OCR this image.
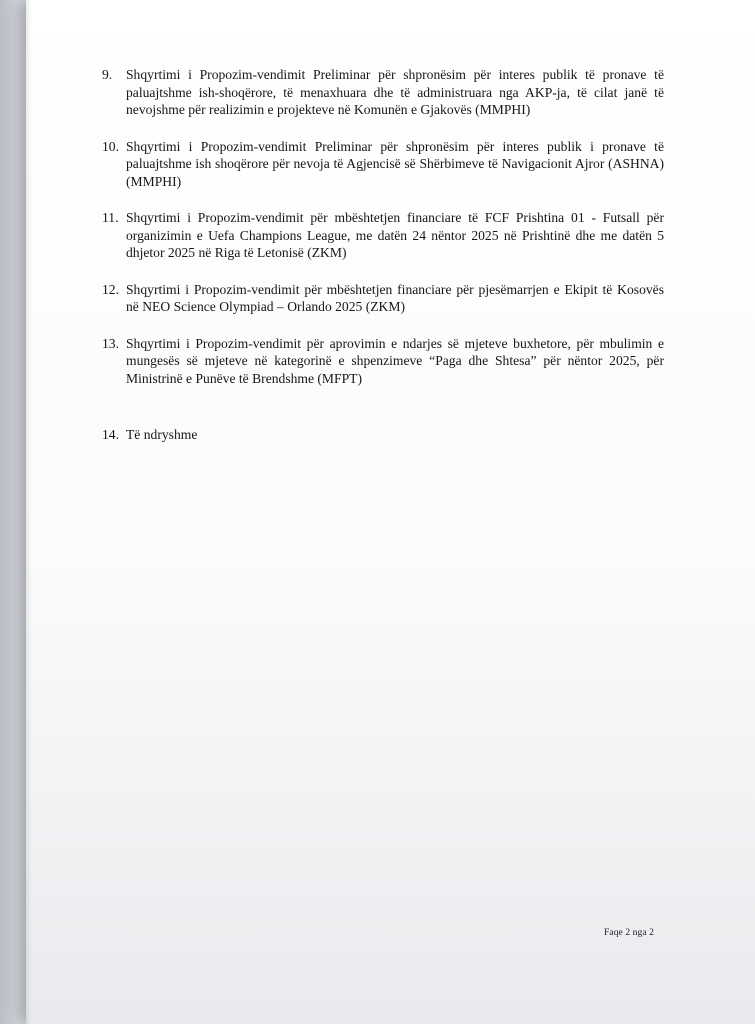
9. Shqyrtimi i Propozim-vendimit Preliminar për shpronësim për interes publik të pronave të paluajtshme ish-shoqërore, të menaxhuara dhe të administruara nga AKP-ja, të cilat janë të nevojshme për realizimin e projekteve në Komunën e Gjakovës (MMPHI)
10. Shqyrtimi i Propozim-vendimit Preliminar për shpronësim për interes publik i pronave të paluajtshme ish shoqërore për nevoja të Agjencisë së Shërbimeve të Navigacionit Ajror (ASHNA) (MMPHI)
11. Shqyrtimi i Propozim-vendimit për mbështetjen financiare të FCF Prishtina 01 - Futsall për organizimin e Uefa Champions League, me datën 24 nëntor 2025 në Prishtinë dhe me datën 5 dhjetor 2025 në Riga të Letonisë (ZKM)
12. Shqyrtimi i Propozim-vendimit për mbështetjen financiare për pjesëmarrjen e Ekipit të Kosovës në NEO Science Olympiad – Orlando 2025 (ZKM)
13. Shqyrtimi i Propozim-vendimit për aprovimin e ndarjes së mjeteve buxhetore, për mbulimin e mungesës së mjeteve në kategorinë e shpenzimeve “Paga dhe Shtesa” për nëntor 2025, për Ministrinë e Punëve të Brendshme (MFPT)
14. Të ndryshme
Faqe 2 nga 2
